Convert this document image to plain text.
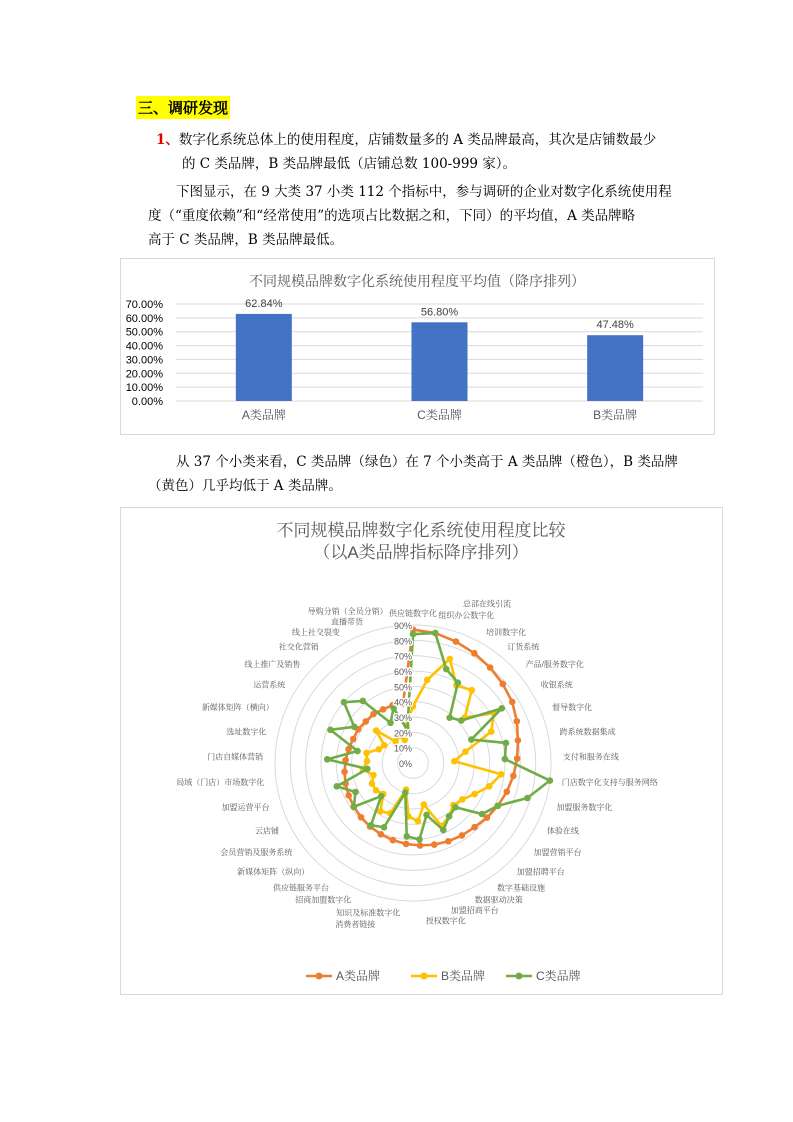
三、调研发现
1、数字化系统总体上的使用程度，店铺数量多的 A 类品牌最高，其次是店铺数最少
的 C 类品牌，B 类品牌最低（店铺总数 100-999 家）。
下图显示，在 9 大类 37 小类 112 个指标中，参与调研的企业对数字化系统使用程
度（“重度依赖”和“经常使用”的选项占比数据之和，下同）的平均值，A 类品牌略
高于 C 类品牌，B 类品牌最低。
不同规模品牌数字化系统使用程度平均值（降序排列）
0.00%
10.00%
20.00%
30.00%
40.00%
50.00%
60.00%
70.00%	62.84%
A类品牌
56.80%
C类品牌
47.48%
B类品牌
从 37 个小类来看，C 类品牌（绿色）在 7 个小类高于 A 类品牌（橙色），B 类品牌
（黄色）几乎均低于 A 类品牌。
不同规模品牌数字化系统使用程度比较
（以A类品牌指标降序排列）
0%
10%
20%
30%
40%
50%
60%
70%
80%
90%
供应链数字化 组织办公数字化
总部在线引流
培训数字化
订货系统
产品/服务数字化
收银系统
督导数字化
跨系统数据集成
支付和服务在线
门店数字化支持与服务网络
加盟服务数字化
体验在线
加盟营销平台
加盟招聘平台
数字基础设施
数据驱动决策
加盟招商平台
授权数字化
知识及标准数字化
消费者链接
招商加盟数字化
供应链服务平台
新媒体矩阵（纵向）
会员营销及服务系统
云店铺
加盟运营平台
局域（门店）市场数字化
门店自媒体营销
选址数字化
新媒体矩阵（横向）
运营系统
线上推广及销售
社交化营销
线上社交裂变
直播带货
导购分销（全员分销）
A类品牌	B类品牌	C类品牌
